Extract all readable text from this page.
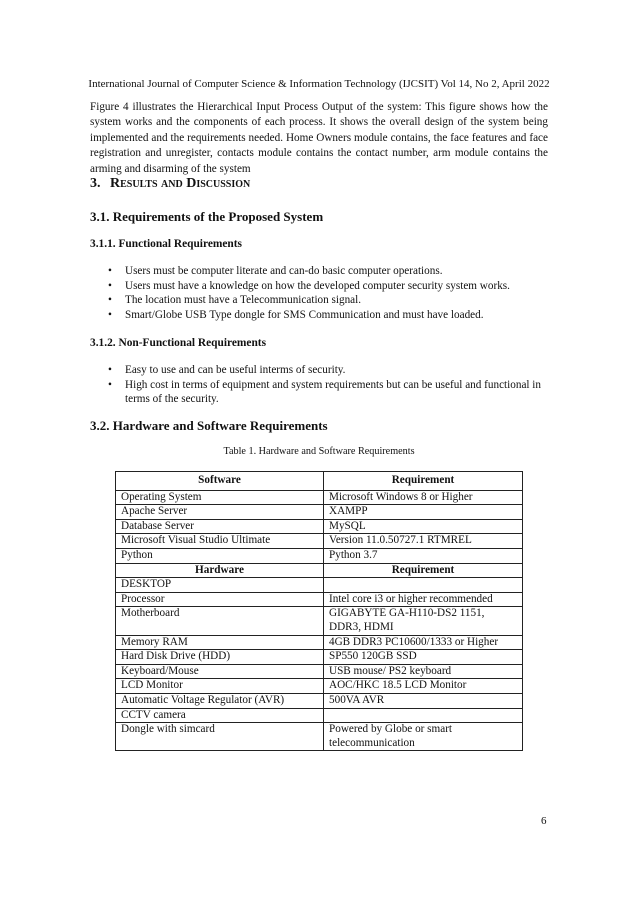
International Journal of Computer Science & Information Technology (IJCSIT) Vol 14, No 2, April 2022

Figure 4 illustrates the Hierarchical Input Process Output of the system: This figure shows how the system works and the components of each process. It shows the overall design of the system being implemented and the requirements needed. Home Owners module contains, the face features and face registration and unregister, contacts module contains the contact number, arm module contains the arming and disarming of the system

3. Results and Discussion
3.1. Requirements of the Proposed System
3.1.1. Functional Requirements
• Users must be computer literate and can-do basic computer operations.
• Users must have a knowledge on how the developed computer security system works.
• The location must have a Telecommunication signal.
• Smart/Globe USB Type dongle for SMS Communication and must have loaded.
3.1.2. Non-Functional Requirements
• Easy to use and can be useful interms of security.
• High cost in terms of equipment and system requirements but can be useful and functional in terms of the security.
3.2. Hardware and Software Requirements
Table 1. Hardware and Software Requirements
Software	Requirement
Operating System	Microsoft Windows 8 or Higher
Apache Server	XAMPP
Database Server	MySQL
Microsoft Visual Studio Ultimate	Version 11.0.50727.1 RTMREL
Python	Python 3.7
Hardware	Requirement
DESKTOP	
Processor	Intel core i3 or higher recommended
Motherboard	GIGABYTE GA-H110-DS2 1151, DDR3, HDMI
Memory RAM	4GB DDR3 PC10600/1333 or Higher
Hard Disk Drive (HDD)	SP550 120GB SSD
Keyboard/Mouse	USB mouse/ PS2 keyboard
LCD Monitor	AOC/HKC 18.5 LCD Monitor
Automatic Voltage Regulator (AVR)	500VA AVR
CCTV camera	
Dongle with simcard	Powered by Globe or smart telecommunication
6
